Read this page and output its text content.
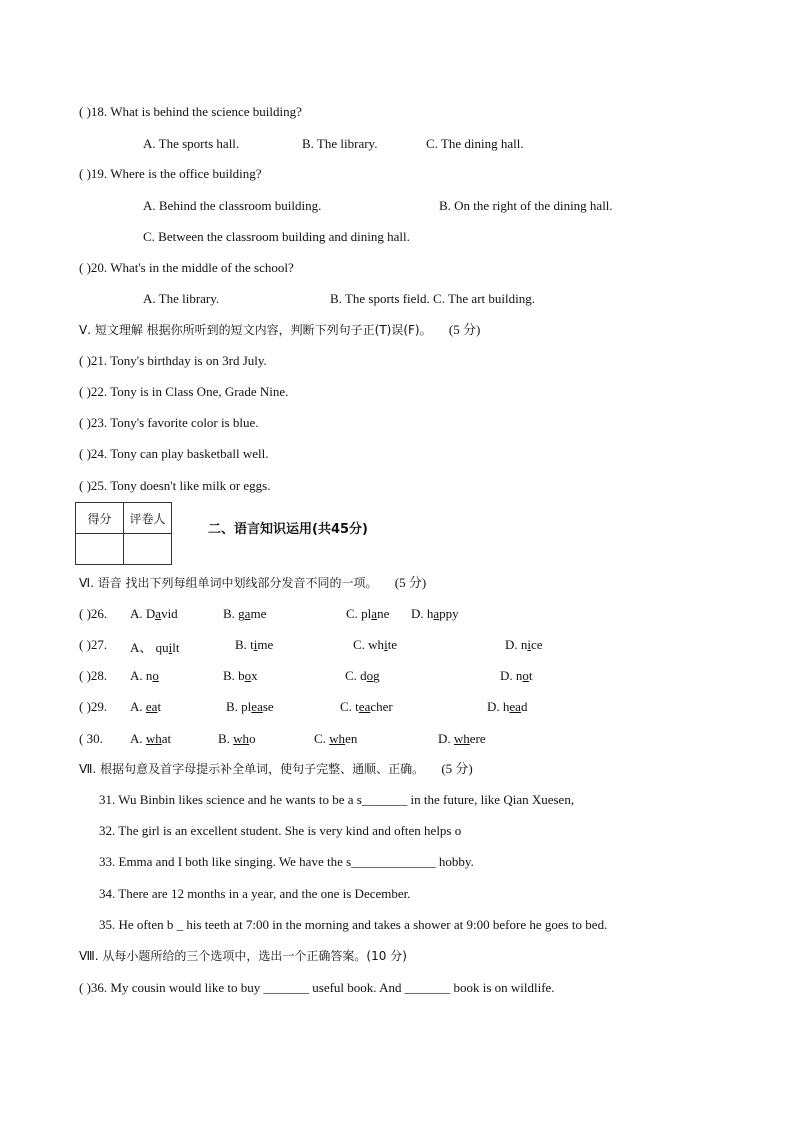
( )18. What is behind the science building?
A. The sports hall.	B. The library.	C. The dining hall.
( )19. Where is the office building?
A. Behind the classroom building.	B. On the right of the dining hall.
C. Between the classroom building and dining hall.
( )20. What's in the middle of the school?
A. The library.	B. The sports field. C. The art building.
Ⅴ. 短文理解 根据你所听到的短文内容，判断下列句子正(T)误(F)。 (5 分)
( )21. Tony's birthday is on 3rd July.
( )22. Tony is in Class One, Grade Nine.
( )23. Tony's favorite color is blue.
( )24. Tony can play basketball well.
( )25. Tony doesn't like milk or eggs.
得分	评卷人

二、语言知识运用(共45分)
Ⅵ. 语音 找出下列每组单词中划线部分发音不同的一项。 (5 分)
( )26. A. David	B. game	C. plane D. happy
( )27. A、 quilt	B. time	C. white	D. nice
( )28. A. no	B. box	C. dog	D. not
( )29. A. eat	B. please	C. teacher	D. head
( 30. A. what	B. who	C. when	D. where
Ⅶ. 根据句意及首字母提示补全单词，使句子完整、通顺、正确。 (5 分)
31. Wu Binbin likes science and he wants to be a s_______ in the future, like Qian Xuesen,
32. The girl is an excellent student. She is very kind and often helps o
33. Emma and I both like singing. We have the s_____________ hobby.
34. There are 12 months in a year, and the one is December.
35. He often b _ his teeth at 7:00 in the morning and takes a shower at 9:00 before he goes to bed.
Ⅷ. 从每小题所给的三个选项中，选出一个正确答案。(10 分)
( )36. My cousin would like to buy _______ useful book. And _______ book is on wildlife.
